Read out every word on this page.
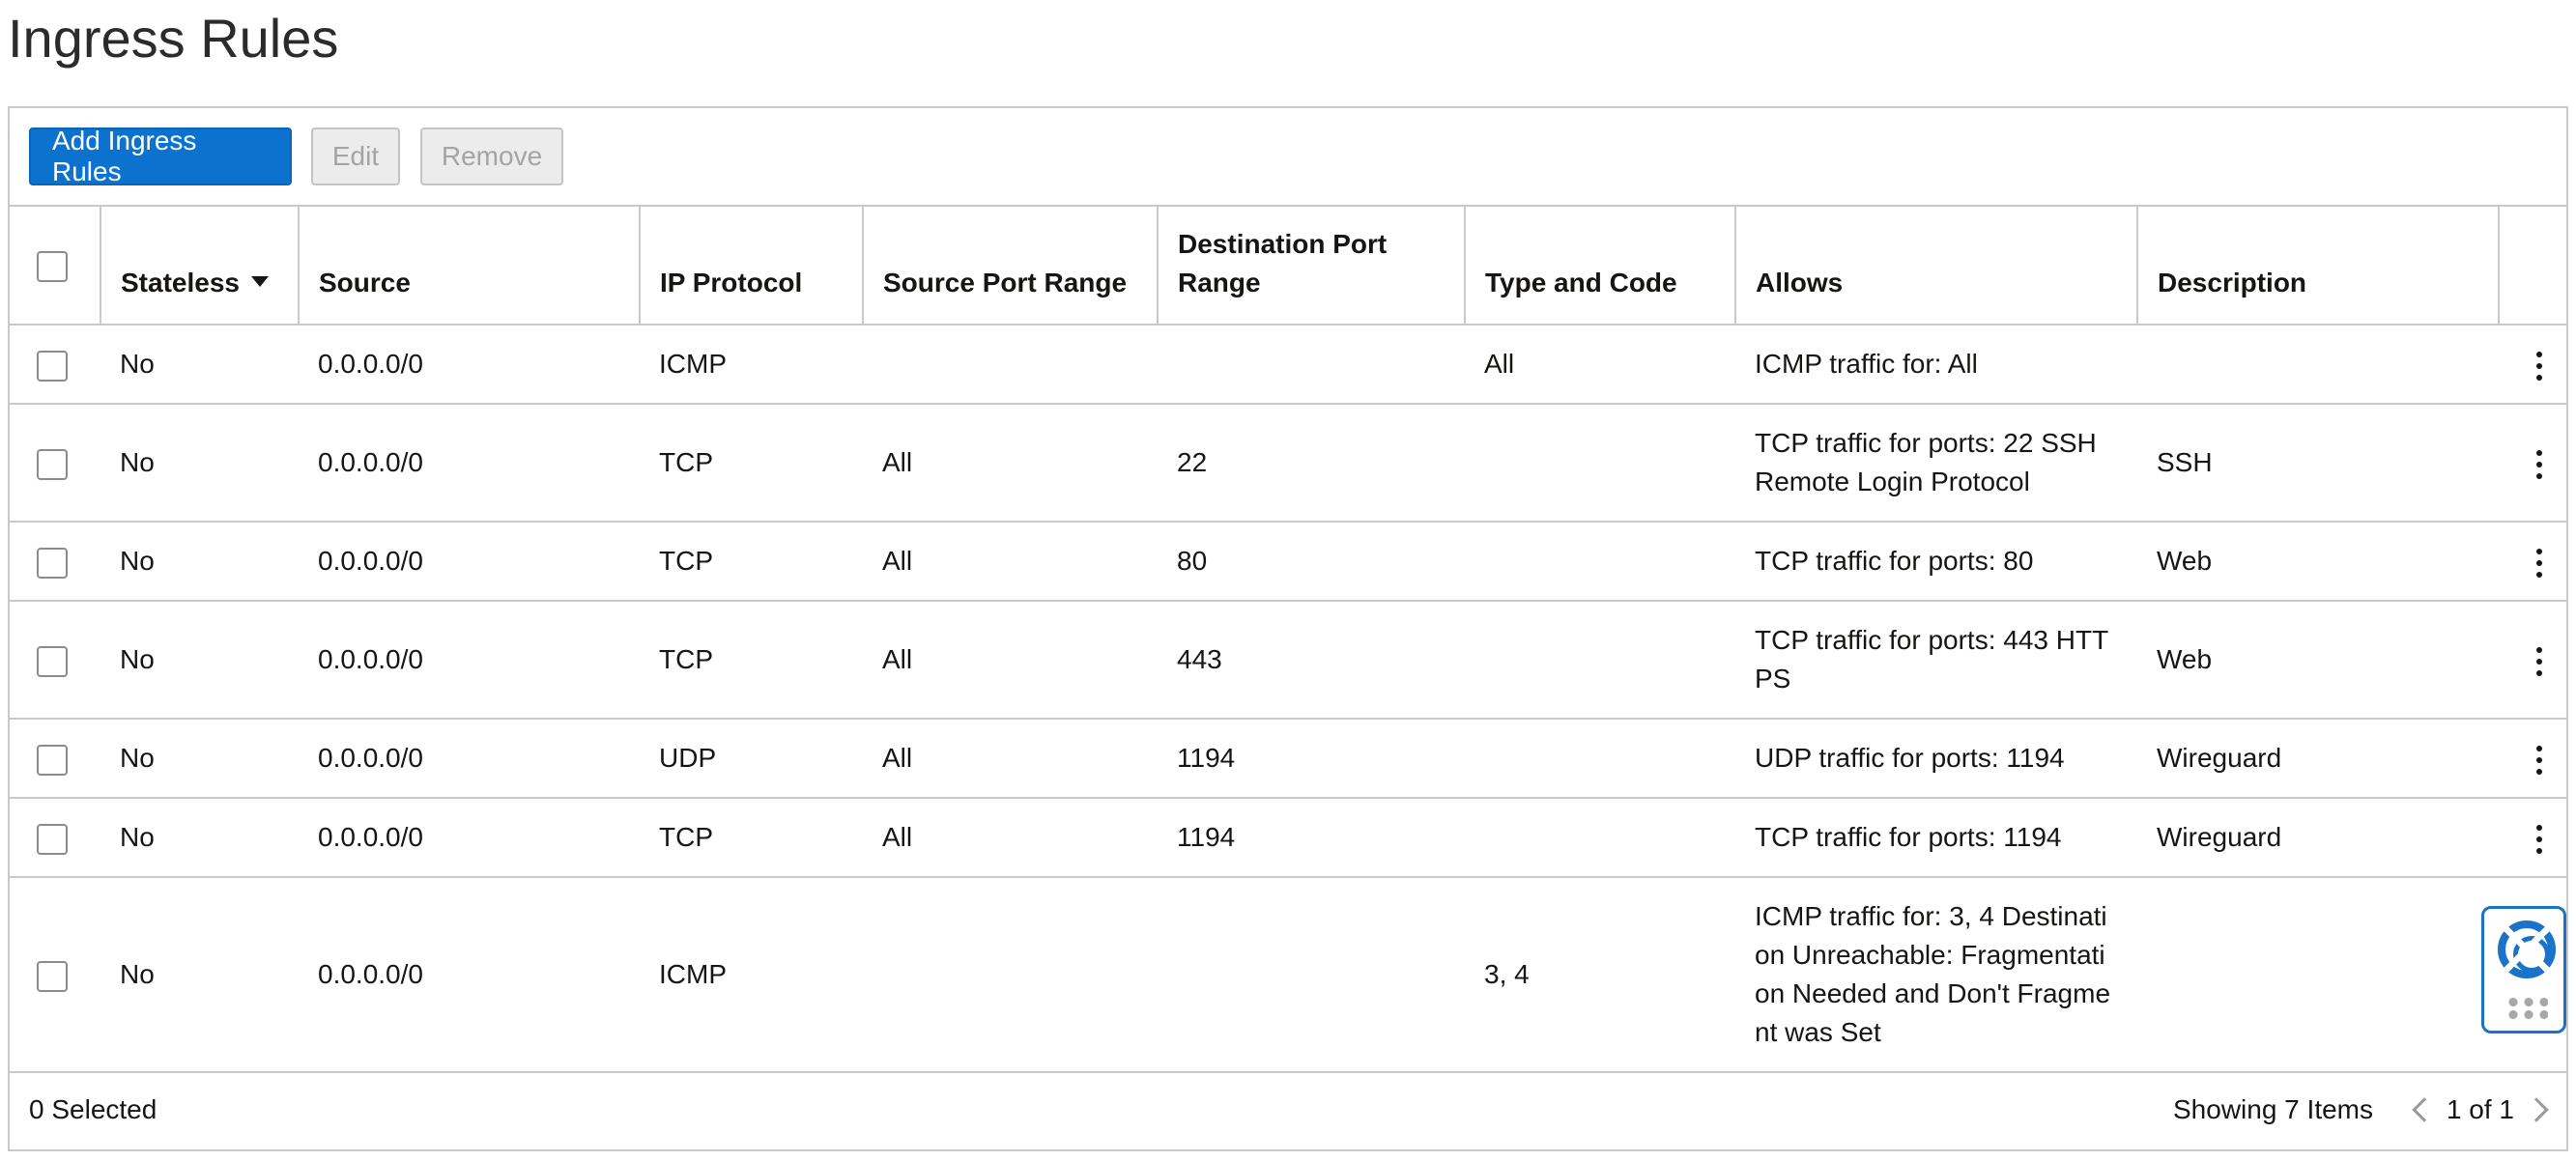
Ingress Rules
Add Ingress Rules
Edit	Remove
	Stateless	Source	IP Protocol	Source Port Range	Destination Port Range	Type and Code	Allows	Description	
	No	0.0.0.0/0	ICMP			All	ICMP traffic for: All		

	No	0.0.0.0/0	TCP	All	22		TCP traffic for ports: 22 SSH Remote Login Protocol	SSH	

	No	0.0.0.0/0	TCP	All	80		TCP traffic for ports: 80	Web	

	No	0.0.0.0/0	TCP	All	443		TCP traffic for ports: 443 HTTPS	Web	

	No	0.0.0.0/0	UDP	All	1194		UDP traffic for ports: 1194	Wireguard	

	No	0.0.0.0/0	TCP	All	1194		TCP traffic for ports: 1194	Wireguard	

	No	0.0.0.0/0	ICMP			3, 4	ICMP traffic for: 3, 4 Destination Unreachable: Fragmentation Needed and Don't Fragment was Set		
0 Selected	Showing 7 Items	1 of 1
